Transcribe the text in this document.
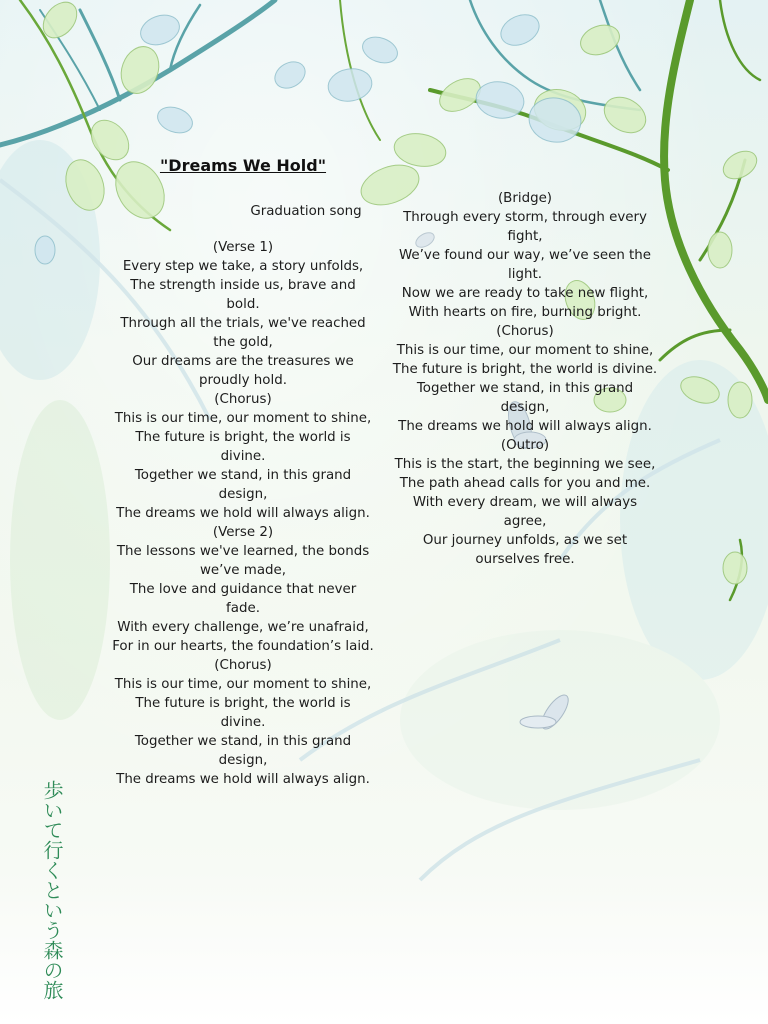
"Dreams We Hold"
Graduation song

(Verse 1)

Every step we take, a story unfolds,

The strength inside us, brave and bold.

Through all the trials, we've reached the gold,

Our dreams are the treasures we proudly hold.

(Chorus)

This is our time, our moment to shine,

The future is bright, the world is divine.

Together we stand, in this grand design,

The dreams we hold will always align.

(Verse 2)

The lessons we've learned, the bonds we’ve made,

The love and guidance that never fade.

With every challenge, we’re unafraid,

For in our hearts, the foundation’s laid.

(Chorus)

This is our time, our moment to shine,

The future is bright, the world is divine.

Together we stand, in this grand design,

The dreams we hold will always align.

(Bridge)

Through every storm, through every fight,

We’ve found our way, we’ve seen the light.

Now we are ready to take new flight,

With hearts on fire, burning bright.

(Chorus)

This is our time, our moment to shine,

The future is bright, the world is divine.

Together we stand, in this grand design,

The dreams we hold will always align.

(Outro)

This is the start, the beginning we see,

The path ahead calls for you and me.

With every dream, we will always agree,

Our journey unfolds, as we set ourselves free.

歩いて行くという森の旅
